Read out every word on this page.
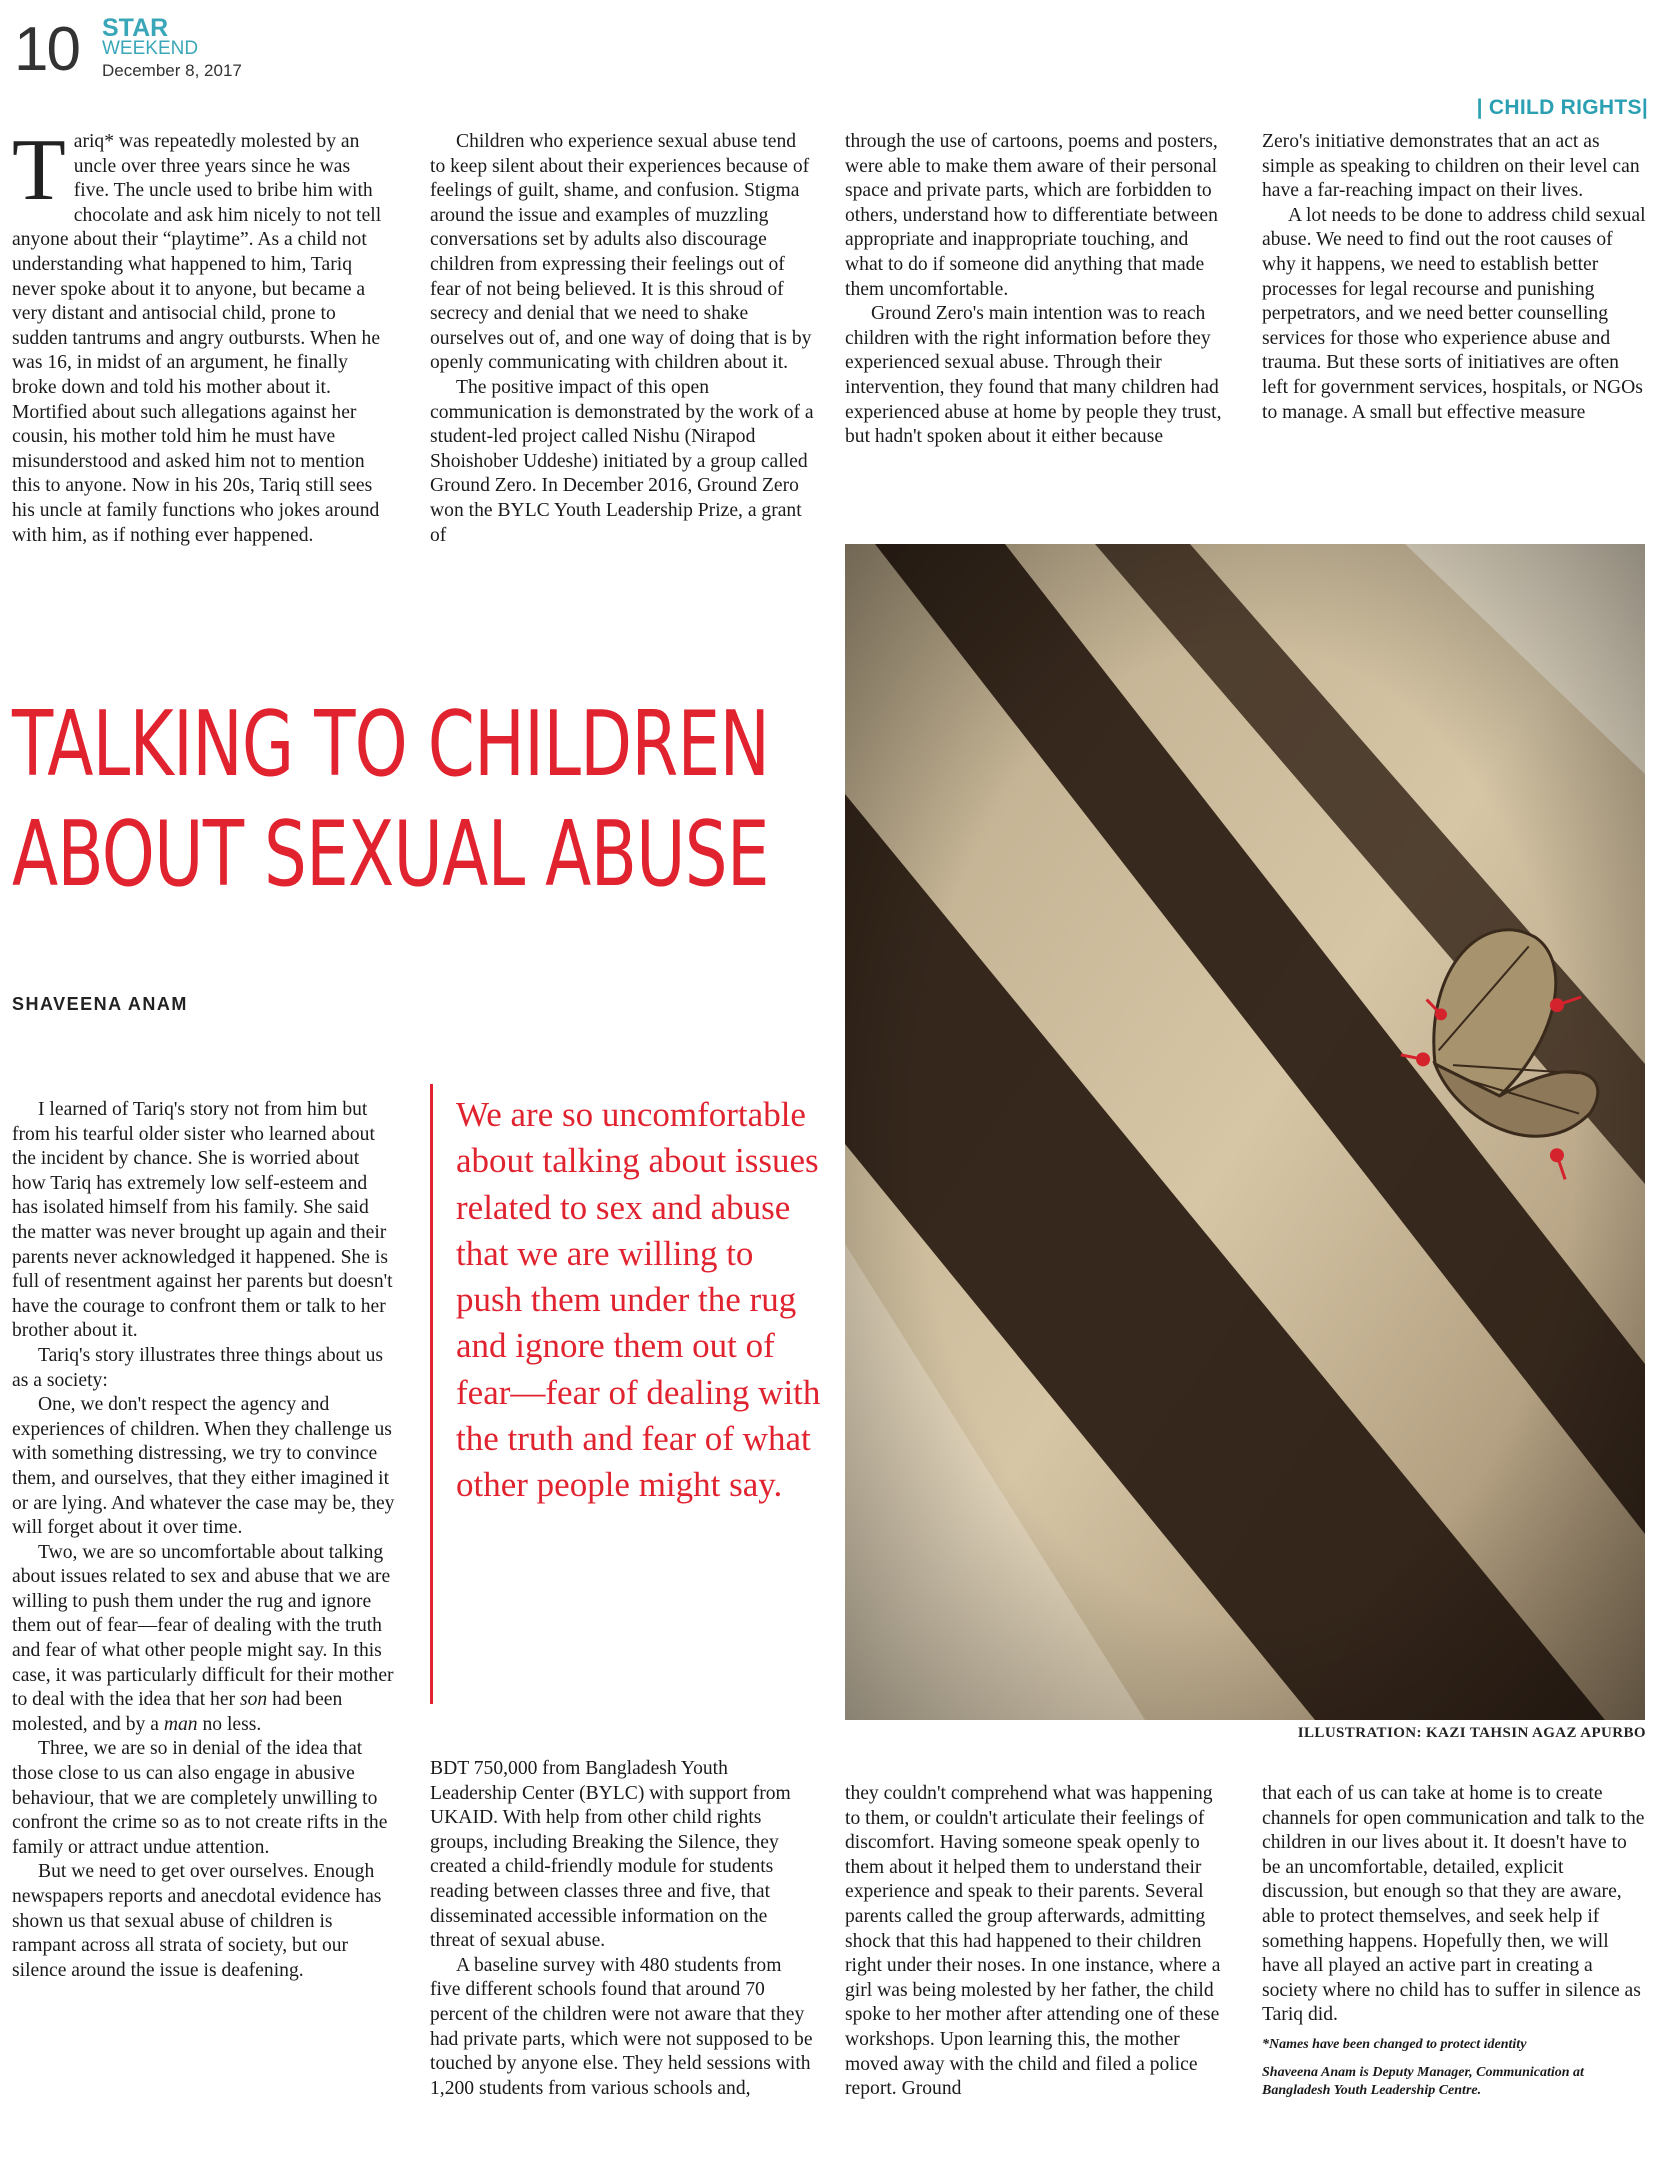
10 STAR
WEEKEND
December 8, 2017
| CHILD RIGHTS|
T ariq* was repeatedly molested by an uncle over three years since he was five. The uncle used to bribe him with chocolate and ask him nicely to not tell anyone about their “playtime”. As a child not understanding what happened to him, Tariq never spoke about it to anyone, but became a very distant and antisocial child, prone to sudden tantrums and angry outbursts. When he was 16, in midst of an argument, he finally broke down and told his mother about it. Mortified about such allegations against her cousin, his mother told him he must have misunderstood and asked him not to mention this to anyone. Now in his 20s, Tariq still sees his uncle at family functions who jokes around with him, as if nothing ever happened.

Children who experience sexual abuse tend to keep silent about their experiences because of feelings of guilt, shame, and confusion. Stigma around the issue and examples of muzzling conversations set by adults also discourage children from expressing their feelings out of fear of not being believed. It is this shroud of secrecy and denial that we need to shake ourselves out of, and one way of doing that is by openly communicating with children about it.

The positive impact of this open communication is demonstrated by the work of a student-led project called Nishu (Nirapod Shoishober Uddeshe) initiated by a group called Ground Zero. In December 2016, Ground Zero won the BYLC Youth Leadership Prize, a grant of

through the use of cartoons, poems and posters, were able to make them aware of their personal space and private parts, which are forbidden to others, understand how to differentiate between appropriate and inappropriate touching, and what to do if someone did anything that made them uncomfortable.

Ground Zero's main intention was to reach children with the right information before they experienced sexual abuse. Through their intervention, they found that many children had experienced abuse at home by people they trust, but hadn't spoken about it either because

Zero's initiative demonstrates that an act as simple as speaking to children on their level can have a far-reaching impact on their lives.

A lot needs to be done to address child sexual abuse. We need to find out the root causes of why it happens, we need to establish better processes for legal recourse and punishing perpetrators, and we need better counselling services for those who experience abuse and trauma. But these sorts of initiatives are often left for government services, hospitals, or NGOs to manage. A small but effective measure

TALKING TO CHILDREN
ABOUT SEXUAL ABUSE
SHAVEENA ANAM

I learned of Tariq's story not from him but from his tearful older sister who learned about the incident by chance. She is worried about how Tariq has extremely low self-esteem and has isolated himself from his family. She said the matter was never brought up again and their parents never acknowledged it happened. She is full of resentment against her parents but doesn't have the courage to confront them or talk to her brother about it.

Tariq's story illustrates three things about us as a society:

One, we don't respect the agency and experiences of children. When they challenge us with something distressing, we try to convince them, and ourselves, that they either imagined it or are lying. And whatever the case may be, they will forget about it over time.

Two, we are so uncomfortable about talking about issues related to sex and abuse that we are willing to push them under the rug and ignore them out of fear—fear of dealing with the truth and fear of what other people might say. In this case, it was particularly difficult for their mother to deal with the idea that her son had been molested, and by a man no less.

Three, we are so in denial of the idea that those close to us can also engage in abusive behaviour, that we are completely unwilling to confront the crime so as to not create rifts in the family or attract undue attention.

But we need to get over ourselves. Enough newspapers reports and anecdotal evidence has shown us that sexual abuse of children is rampant across all strata of society, but our silence around the issue is deafening.

We are so uncomfortable about talking about issues related to sex and abuse that we are willing to push them under the rug and ignore them out of fear—fear of dealing with the truth and fear of what other people might say.

BDT 750,000 from Bangladesh Youth Leadership Center (BYLC) with support from UKAID. With help from other child rights groups, including Breaking the Silence, they created a child-friendly module for students reading between classes three and five, that disseminated accessible information on the threat of sexual abuse.

A baseline survey with 480 students from five different schools found that around 70 percent of the children were not aware that they had private parts, which were not supposed to be touched by anyone else. They held sessions with 1,200 students from various schools and,

ILLUSTRATION: KAZI TAHSIN AGAZ APURBO

they couldn't comprehend what was happening to them, or couldn't articulate their feelings of discomfort. Having someone speak openly to them about it helped them to understand their experience and speak to their parents. Several parents called the group afterwards, admitting shock that this had happened to their children right under their noses. In one instance, where a girl was being molested by her father, the child spoke to her mother after attending one of these workshops. Upon learning this, the mother moved away with the child and filed a police report. Ground

that each of us can take at home is to create channels for open communication and talk to the children in our lives about it. It doesn't have to be an uncomfortable, detailed, explicit discussion, but enough so that they are aware, able to protect themselves, and seek help if something happens. Hopefully then, we will have all played an active part in creating a society where no child has to suffer in silence as Tariq did.

*Names have been changed to protect identity

Shaveena Anam is Deputy Manager, Communication at Bangladesh Youth Leadership Centre.
